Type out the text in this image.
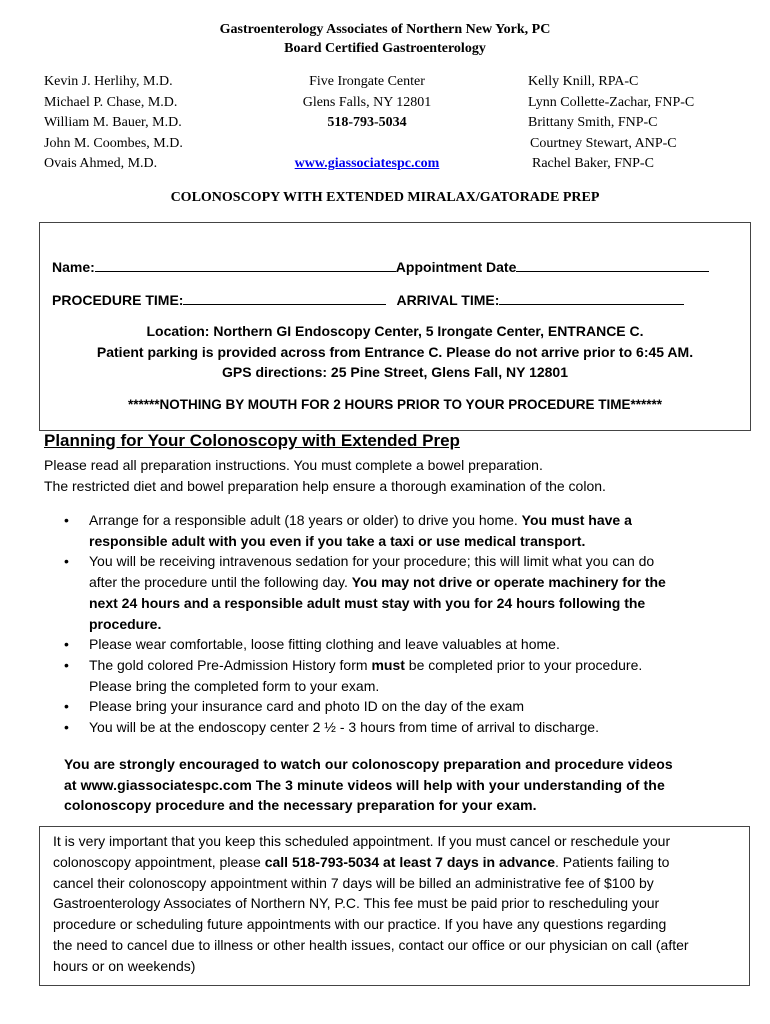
Gastroenterology Associates of Northern New York, PC
Board Certified Gastroenterology
Kevin J. Herlihy, M.D.
Michael P. Chase, M.D.
William M. Bauer, M.D.
John M. Coombes, M.D.
Ovais Ahmed, M.D.
Five Irongate Center
Glens Falls, NY 12801
518-793-5034
www.giassociatespc.com
Kelly Knill, RPA-C
Lynn Collette-Zachar, FNP-C
Brittany Smith, FNP-C
Courtney Stewart, ANP-C
Rachel Baker, FNP-C
COLONOSCOPY WITH EXTENDED MIRALAX/GATORADE PREP
Name:	Appointment Date
PROCEDURE TIME:	ARRIVAL TIME:
Location: Northern GI Endoscopy Center, 5 Irongate Center, ENTRANCE C.
Patient parking is provided across from Entrance C. Please do not arrive prior to 6:45 AM.
GPS directions: 25 Pine Street, Glens Fall, NY 12801
******NOTHING BY MOUTH FOR 2 HOURS PRIOR TO YOUR PROCEDURE TIME******
Planning for Your Colonoscopy with Extended Prep
Please read all preparation instructions. You must complete a bowel preparation.
The restricted diet and bowel preparation help ensure a thorough examination of the colon.
• Arrange for a responsible adult (18 years or older) to drive you home. You must have a
responsible adult with you even if you take a taxi or use medical transport.
• You will be receiving intravenous sedation for your procedure; this will limit what you can do
after the procedure until the following day. You may not drive or operate machinery for the
next 24 hours and a responsible adult must stay with you for 24 hours following the
procedure.
• Please wear comfortable, loose fitting clothing and leave valuables at home.
• The gold colored Pre-Admission History form must be completed prior to your procedure.
Please bring the completed form to your exam.
• Please bring your insurance card and photo ID on the day of the exam
• You will be at the endoscopy center 2 ½ - 3 hours from time of arrival to discharge.
You are strongly encouraged to watch our colonoscopy preparation and procedure videos
at www.giassociatespc.com The 3 minute videos will help with your understanding of the
colonoscopy procedure and the necessary preparation for your exam.
It is very important that you keep this scheduled appointment. If you must cancel or reschedule your
colonoscopy appointment, please call 518-793-5034 at least 7 days in advance. Patients failing to
cancel their colonoscopy appointment within 7 days will be billed an administrative fee of $100 by
Gastroenterology Associates of Northern NY, P.C. This fee must be paid prior to rescheduling your
procedure or scheduling future appointments with our practice. If you have any questions regarding
the need to cancel due to illness or other health issues, contact our office or our physician on call (after
hours or on weekends)
